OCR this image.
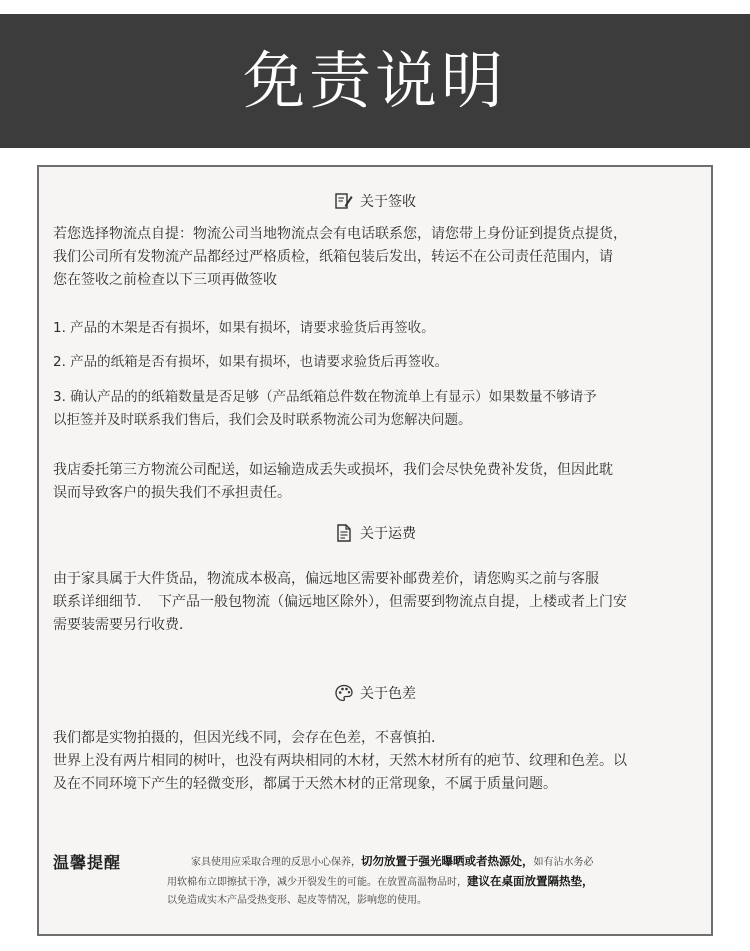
免责说明
关于签收

若您选择物流点自提：物流公司当地物流点会有电话联系您，请您带上身份证到提货点提货，

我们公司所有发物流产品都经过严格质检，纸箱包装后发出，转运不在公司责任范围内，请

您在签收之前检查以下三项再做签收

1. 产品的木架是否有损坏，如果有损坏，请要求验货后再签收。

2. 产品的纸箱是否有损坏，如果有损坏，也请要求验货后再签收。

3. 确认产品的的纸箱数量是否足够（产品纸箱总件数在物流单上有显示）如果数量不够请予

以拒签并及时联系我们售后，我们会及时联系物流公司为您解决问题。

我店委托第三方物流公司配送，如运输造成丢失或损坏，我们会尽快免费补发货，但因此耽

误而导致客户的损失我们不承担责任。

关于运费

由于家具属于大件货品，物流成本极高，偏远地区需要补邮费差价，请您购买之前与客服

联系详细细节．　下产品一般包物流（偏远地区除外），但需要到物流点自提，上楼或者上门安

需要装需要另行收费．

关于色差

我们都是实物拍摄的，但因光线不同，会存在色差，不喜慎拍．

世界上没有两片相同的树叶，也没有两块相同的木材，天然木材所有的疤节、纹理和色差。以

及在不同环境下产生的轻微变形，都属于天然木材的正常现象，不属于质量问题。

温馨提醒	家具使用应采取合理的反思小心保养，切勿放置于强光曝晒或者热源处，如有沾水务必
用软棉布立即擦拭干净，减少开裂发生的可能。在放置高温物品时，建议在桌面放置隔热垫，
以免造成实木产品受热变形、起皮等情况，影响您的使用。
